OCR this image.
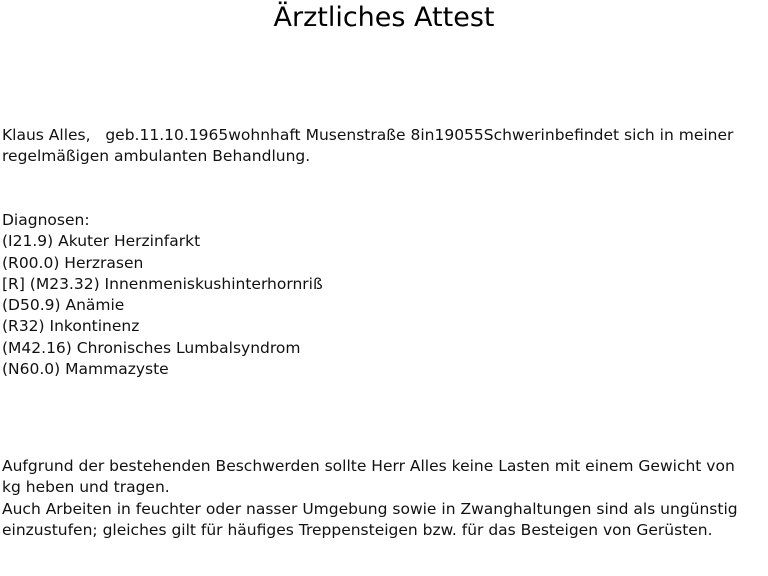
Ärztliches Attest

Klaus Alles, geb.11.10.1965wohnhaft Musenstraße 8in19055Schwerinbefindet sich in meiner
regelmäßigen ambulanten Behandlung.

Diagnosen:
(I21.9) Akuter Herzinfarkt
(R00.0) Herzrasen
[R] (M23.32) Innenmeniskushinterhornriß
(D50.9) Anämie
(R32) Inkontinenz
(M42.16) Chronisches Lumbalsyndrom
(N60.0) Mammazyste
Aufgrund der bestehenden Beschwerden sollte Herr Alles keine Lasten mit einem Gewicht von
kg heben und tragen.
Auch Arbeiten in feuchter oder nasser Umgebung sowie in Zwanghaltungen sind als ungünstig
einzustufen; gleiches gilt für häufiges Treppensteigen bzw. für das Besteigen von Gerüsten.
